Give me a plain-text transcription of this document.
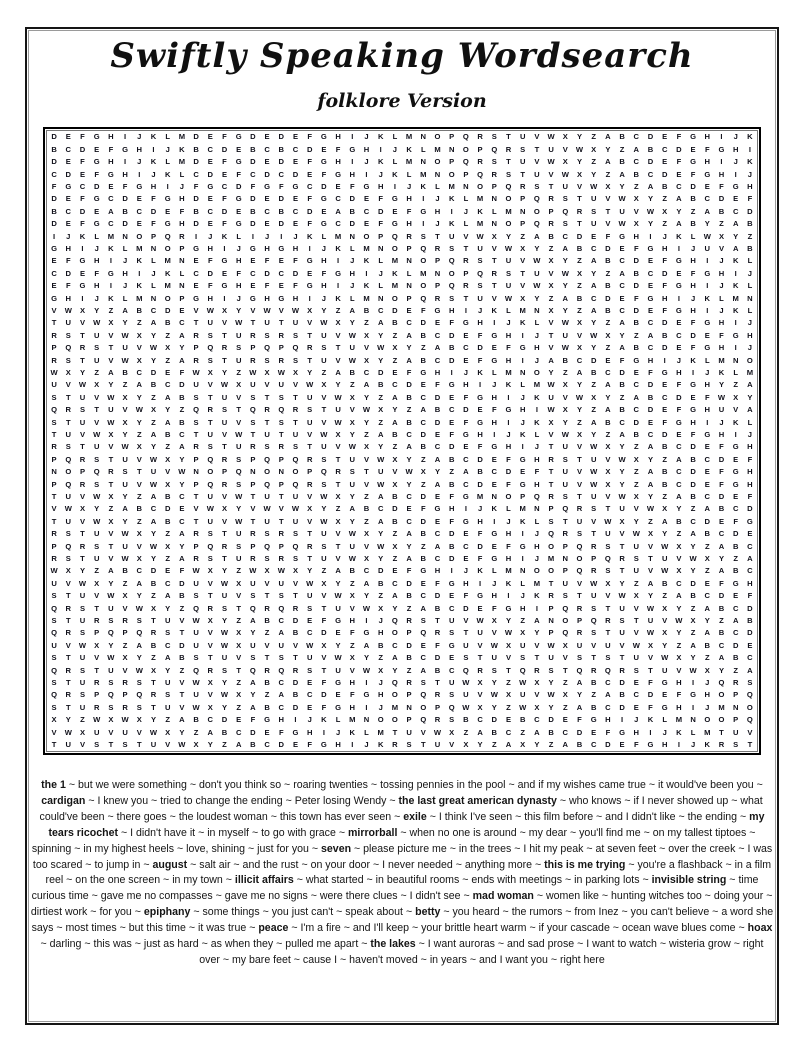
Swiftly Speaking Wordsearch
folklore Version
D	E	F	G	H	I	J	K	L	M	D	E	F	G	D	E	D	E	F	G	H	I	J	K	L	M	N	O	P	Q	R	S	T	U	V	W	X	Y	Z	A	B	C	D	E	F	G	H	I	J	K
B	C	D	E	F	G	H	I	J	K	B	C	D	E	B	C	B	C	D	E	F	G	H	I	J	K	L	M	N	O	P	Q	R	S	T	U	V	W	X	Y	Z	A	B	C	D	E	F	G	H	I
D	E	F	G	H	I	J	K	L	M	D	E	F	G	D	E	D	E	F	G	H	I	J	K	L	M	N	O	P	Q	R	S	T	U	V	W	X	Y	Z	A	B	C	D	E	F	G	H	I	J	K
C	D	E	F	G	H	I	J	K	L	C	D	E	F	C	D	C	D	E	F	G	H	I	J	K	L	M	N	O	P	Q	R	S	T	U	V	W	X	Y	Z	A	B	C	D	E	F	G	H	I	J
F	G	C	D	E	F	G	H	I	J	F	G	C	D	F	G	F	G	C	D	E	F	G	H	I	J	K	L	M	N	O	P	Q	R	S	T	U	V	W	X	Y	Z	A	B	C	D	E	F	G	H
D	E	F	G	C	D	E	F	G	H	D	E	F	G	D	E	D	E	F	G	C	D	E	F	G	H	I	J	K	L	M	N	O	P	Q	R	S	T	U	V	W	X	Y	Z	A	B	C	D	E	F
B	C	D	E	A	B	C	D	E	F	B	C	D	E	B	C	B	C	D	E	A	B	C	D	E	F	G	H	I	J	K	L	M	N	O	P	Q	R	S	T	U	V	W	X	Y	Z	A	B	C	D
D	E	F	G	C	D	E	F	G	H	D	E	F	G	D	E	D	E	F	G	C	D	E	F	G	H	I	J	K	L	M	N	O	P	Q	R	S	T	U	V	W	X	Y	Z	A	B	Y	Z	A	B
I	J	K	L	M	N	O	P	Q	R	I	J	K	L	I	J	I	J	K	L	M	N	O	P	Q	R	S	T	U	V	W	X	Y	Z	A	B	C	D	E	F	G	H	I	J	K	L	W	X	Y	Z
G	H	I	J	K	L	M	N	O	P	G	H	I	J	G	H	G	H	I	J	K	L	M	N	O	P	Q	R	S	T	U	V	W	X	Y	Z	A	B	C	D	E	F	G	H	I	J	U	V	A	B
E	F	G	H	I	J	K	L	M	N	E	F	G	H	E	F	E	F	G	H	I	J	K	L	M	N	O	P	Q	R	S	T	U	V	W	X	Y	Z	A	B	C	D	E	F	G	H	I	J	K	L
C	D	E	F	G	H	I	J	K	L	C	D	E	F	C	D	C	D	E	F	G	H	I	J	K	L	M	N	O	P	Q	R	S	T	U	V	W	X	Y	Z	A	B	C	D	E	F	G	H	I	J
E	F	G	H	I	J	K	L	M	N	E	F	G	H	E	F	E	F	G	H	I	J	K	L	M	N	O	P	Q	R	S	T	U	V	W	X	Y	Z	A	B	C	D	E	F	G	H	I	J	K	L
G	H	I	J	K	L	M	N	O	P	G	H	I	J	G	H	G	H	I	J	K	L	M	N	O	P	Q	R	S	T	U	V	W	X	Y	Z	A	B	C	D	E	F	G	H	I	J	K	L	M	N
V	W	X	Y	Z	A	B	C	D	E	V	W	X	Y	V	W	V	W	X	Y	Z	A	B	C	D	E	F	G	H	I	J	K	L	M	N	X	Y	Z	A	B	C	D	E	F	G	H	I	J	K	L
T	U	V	W	X	Y	Z	A	B	C	T	U	V	W	T	U	T	U	V	W	X	Y	Z	A	B	C	D	E	F	G	H	I	J	K	L	V	W	X	Y	Z	A	B	C	D	E	F	G	H	I	J
R	S	T	U	V	W	X	Y	Z	A	R	S	T	U	R	S	R	S	T	U	V	W	X	Y	Z	A	B	C	D	E	F	G	H	I	J	T	U	V	W	X	Y	Z	A	B	C	D	E	F	G	H
P	Q	R	S	T	U	V	W	X	Y	P	Q	R	S	P	Q	P	Q	R	S	T	U	V	W	X	Y	Z	A	B	C	D	E	F	G	H	V	W	X	Y	Z	A	B	C	D	E	F	G	H	I	J
R	S	T	U	V	W	X	Y	Z	A	R	S	T	U	R	S	R	S	T	U	V	W	X	Y	Z	A	B	C	D	E	F	G	H	I	J	A	B	C	D	E	F	G	H	I	J	K	L	M	N	O
W	X	Y	Z	A	B	C	D	E	F	W	X	Y	Z	W	X	W	X	Y	Z	A	B	C	D	E	F	G	H	I	J	K	L	M	N	O	Y	Z	A	B	C	D	E	F	G	H	I	J	K	L	M
U	V	W	X	Y	Z	A	B	C	D	U	V	W	X	U	V	U	V	W	X	Y	Z	A	B	C	D	E	F	G	H	I	J	K	L	M W	X	Y	Z	A	B	C	D	E	F	G	H	Y	Z	A
S	T	U	V	W	X	Y	Z	A	B	S	T	U	V	S	T	S	T	U	V	W	X	Y	Z	A	B	C	D	E	F	G	H	I	J	K	U	V	W	X	Y	Z	A	B	C	D	E	F	W	X	Y
Q	R	S	T	U	V	W	X	Y	Z	Q	R	S	T	Q	R	Q	R	S	T	U	V	W	X	Y	Z	A	B	C	D	E	F	G	H	I	W	X	Y	Z	A	B	C	D	E	F	G	H	U	V	A
S	T	U	V	W	X	Y	Z	A	B	S	T	U	V	S	T	S	T	U	V	W	X	Y	Z	A	B	C	D	E	F	G	H	I	J	K	X	Y	Z	A	B	C	D	E	F	G	H	I	J	K	L
T	U	V	W	X	Y	Z	A	B	C	T	U	V	W	T	U	T	U	V	W	X	Y	Z	A	B	C	D	E	F	G	H	I	J	K	L	V	W	X	Y	Z	A	B	C	D	E	F	G	H	I	J
R	S	T	U	V	W	X	Y	Z	A	R	S	T	U	R	S	R	S	T	U	V	W	X	Y	Z	A	B	C	D	E	F	G	H	I	J	T	U	V	W	X	Y	Z	A	B	C	D	E	F	G	H
P	Q	R	S	T	U	V	W	X	Y	P	Q	R	S	P	Q	P	Q	R	S	T	U	V	W	X	Y	Z	A	B	C	D	E	F	G	H	R	S	T	U	V	W	X	Y	Z	A	B	C	D	E	F
N	O	P	Q	R	S	T	U	V	W	N	O	P	Q	N	O	N	O	P	Q	R	S	T	U	V	W	X	Y	Z	A	B	C	D	E	F	T	U	V	W	X	Y	Z	A	B	C	D	E	F	G	H
P	Q	R	S	T	U	V	W	X	Y	P	Q	R	S	P	Q	P	Q	R	S	T	U	V	W	X	Y	Z	A	B	C	D	E	F	G	H	T	U	V	W	X	Y	Z	A	B	C	D	E	F	G	H
T	U	V	W	X	Y	Z	A	B	C	T	U	V	W	T	U	T	U	V	W	X	Y	Z	A	B	C	D	E	F	G	M	N	O	P	Q	R	S	T	U	V	W	X	Y	Z	A	B	C	D	E	F
V	W	X	Y	Z	A	B	C	D	E	V	W	X	Y	V	W	V	W	X	Y	Z	A	B	C	D	E	F	G	H	I	J	K	L	M	N	P	Q	R	S	T	U	V	W	X	Y	Z	A	B	C	D
T	U	V	W	X	Y	Z	A	B	C	T	U	V	W	T	U	T	U	V	W	X	Y	Z	A	B	C	D	E	F	G	H	I	J	K	L	S	T	U	V	W	X	Y	Z	A	B	C	D	E	F	G
R	S	T	U	V	W	X	Y	Z	A	R	S	T	U	R	S	R	S	T	U	V	W	X	Y	Z	A	B	C	D	E	F	G	H	I	J	Q	R	S	T	U	V	W	X	Y	Z	A	B	C	D	E
P	Q	R	S	T	U	V	W	X	Y	P	Q	R	S	P	Q	P	Q	R	S	T	U	V	W	X	Y	Z	A	B	C	D	E	F	G	H	O	P	Q	R	S	T	U	V	W	X	Y	Z	A	B	C
R	S	T	U	V	W	X	Y	Z	A	R	S	T	U	R	S	R	S	T	U	V	W	X	Y	Z	A	B	C	D	E	F	G	H	I	J	M	N	O	P	Q	R	S	T	U	V	W	X	Y	Z	A
W	X	Y	Z	A	B	C	D	E	F	W	X	Y	Z	W	X	W	X	Y	Z	A	B	C	D	E	F	G	H	I	J	K	L	M	N	O	O	P	Q	R	S	T	U	V	W	X	Y	Z	A	B	C
U	V	W	X	Y	Z	A	B	C	D	U	V	W	X	U	V	U	V	W	X	Y	Z	A	B	C	D	E	F	G	H	I	J	K	L	M	T	U	V	W	X	Y	Z	A	B	C	D	E	F	G	H
S	T	U	V	W	X	Y	Z	A	B	S	T	U	V	S	T	S	T	U	V	W	X	Y	Z	A	B	C	D	E	F	G	H	I	J	K	R	S	T	U	V	W	X	Y	Z	A	B	C	D	E	F
Q	R	S	T	U	V	W	X	Y	Z	Q	R	S	T	Q	R	Q	R	S	T	U	V	W	X	Y	Z	A	B	C	D	E	F	G	H	I	P	Q	R	S	T	U	V	W	X	Y	Z	A	B	C	D
S	T	U	R	S	R	S	T	U	V	W	X	Y	Z	A	B	C	D	E	F	G	H	I	J	Q	R	S	T	U	V	W	X	Y	Z	A	N	O	P	Q	R	S	T	U	V	W	X	Y	Z	A	B
Q	R	S	P	Q	P	Q	R	S	T	U	V	W	X	Y	Z	A	B	C	D	E	F	G	H	O	P	Q	R	S	T	U	V	W	X	Y	P	Q	R	S	T	U	V	W	X	Y	Z	A	B	C	D
U	V	W	X	Y	Z	A	B	C	D	U	V	W	X	U	V	U	V	W	X	Y	Z	A	B	C	D	E	F	G	U	V	W	X	U	V	W	X	U	V	U	V	W	X	Y	Z	A	B	C	D	E
S	T	U	V	W	X	Y	Z	A	B	S	T	U	V	S	T	S	T	U	V	W	X	Y	Z	A	B	C	D	E	S	T	U	V	S	T	U	V	S	T	S	T	U	V	W	X	Y	Z	A	B	C
Q	R	S	T	U	V	W	X	Y	Z	Q	R	S	T	Q	R	Q	R	S	T	U	V	W	X	Y	Z	A	B	C	Q	R	S	T	Q	R	S	T	Q	R	Q	R	S	T	U	V	W	X	Y	Z	A
S	T	U	R	S	R	S	T	U	V	W	X	Y	Z	A	B	C	D	E	F	G	H	I	J	Q	R	S	T	U	W	X	Y	Z	W	X	Y	Z	A	B	C	D	E	F	G	H	I	J	Q	R	S
Q	R	S	P	Q	P	Q	R	S	T	U	V	W	X	Y	Z	A	B	C	D	E	F	G	H	O	P	Q	R	S	U	V	W	X	U	V	W	X	Y	Z	A	B	C	D	E	F	G	H	O	P	Q
S	T	U	R	S	R	S	T	U	V	W	X	Y	Z	A	B	C	D	E	F	G	H	I	J	M	N	O	P	Q	W	X	Y	Z	W	X	Y	Z	A	B	C	D	E	F	G	H	I	J	M	N	O
X	Y	Z	W	X	W	X	Y	Z	A	B	C	D	E	F	G	H	I	J	K	L	M	N	O	O	P	Q	R	S	B	C	D	E	B	C	D	E	F	G	H	I	J	K	L	M	N	O	O	P	Q
V	W	X	U	V	U	V	W	X	Y	Z	A	B	C	D	E	F	G	H	I	J	K	L	M	T	U	V	W	X	Z	A	B	C	Z	A	B	C	D	E	F	G	H	I	J	K	L	M	T	U	V
T	U	V	S	T	S	T	U	V	W	X	Y	Z	A	B	C	D	E	F	G	H	I	J	K	R	S	T	U	V	X	Y	Z	A	X	Y	Z	A	B	C	D	E	F	G	H	I	J	K	R	S	T
the 1 ~ but we were something ~ don't you think so ~ roaring twenties ~ tossing pennies in the pool ~ and if my wishes came true ~ it would've been you ~ cardigan ~ I knew you ~ tried to change the ending ~ Peter losing Wendy ~ the last great american dynasty ~ who knows ~ if I never showed up ~ what could've been ~ there goes ~ the loudest woman ~ this town has ever seen ~ exile ~ I think I've seen ~ this film before ~ and I didn't like ~ the ending ~ my tears ricochet ~ I didn't have it ~ in myself ~ to go with grace ~ mirrorball ~ when no one is around ~ my dear ~ you'll find me ~ on my tallest tiptoes ~ spinning ~ in my highest heels ~ love, shining ~ just for you ~ seven ~ please picture me ~ in the trees ~ I hit my peak ~ at seven feet ~ over the creek ~ I was too scared ~ to jump in ~ august ~ salt air ~ and the rust ~ on your door ~ I never needed ~ anything more ~ this is me trying ~ you're a flashback ~ in a film reel ~ on the one screen ~ in my town ~ illicit affairs ~ what started ~ in beautiful rooms ~ ends with meetings ~ in parking lots ~ invisible string ~ time curious time ~ gave me no compasses ~ gave me no signs ~ were there clues ~ I didn't see ~ mad woman ~ women like ~ hunting witches too ~ doing your ~ dirtiest work ~ for you ~ epiphany ~ some things ~ you just can't ~ speak about ~ betty ~ you heard ~ the rumors ~ from Inez ~ you can't believe ~ a word she says ~ most times ~ but this time ~ it was true ~ peace ~ I'm a fire ~ and I'll keep ~ your brittle heart warm ~ if your cascade ~ ocean wave blues come ~ hoax ~ darling ~ this was ~ just as hard ~ as when they ~ pulled me apart ~ the lakes ~ I want auroras ~ and sad prose ~ I want to watch ~ wisteria grow ~ right over ~ my bare feet ~ cause I ~ haven't moved ~ in years ~ and I want you ~ right here
